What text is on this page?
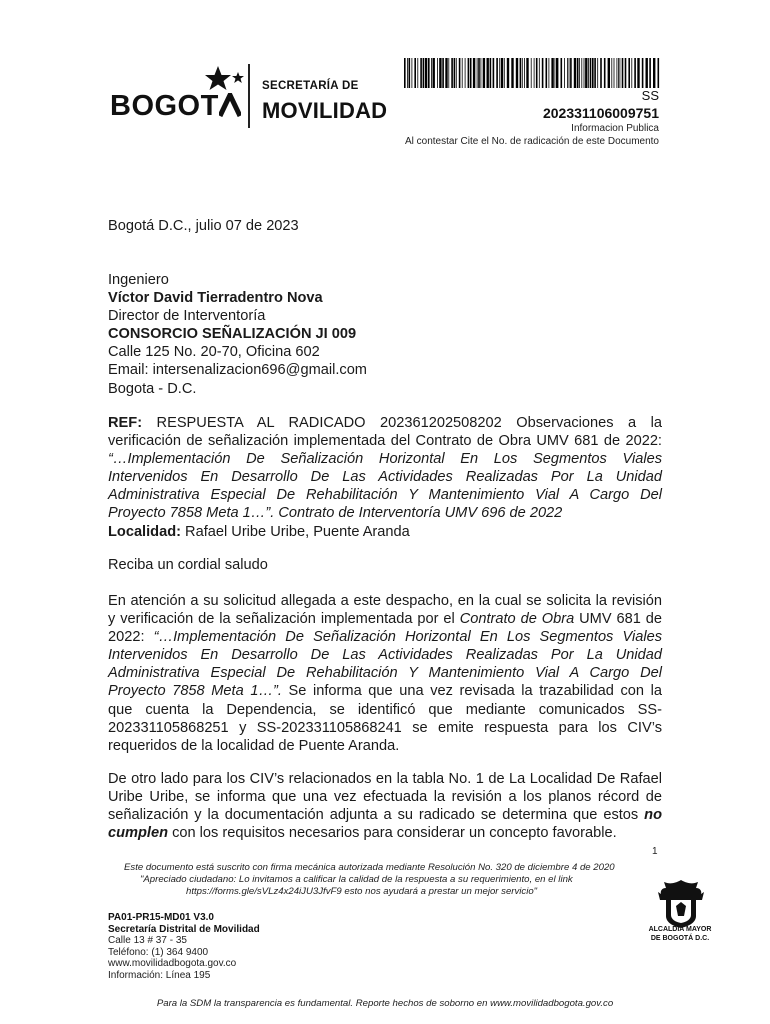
BOGOT
SECRETARÍA DE
MOVILIDAD
SS
202331106009751
Informacion Publica
Al contestar Cite el No. de radicación de este Documento
Bogotá D.C., julio 07 de 2023
Ingeniero
Víctor David Tierradentro Nova
Director de Interventoría
CONSORCIO SEÑALIZACIÓN JI 009
Calle 125 No. 20-70, Oficina 602
Email: intersenalizacion696@gmail.com
Bogota - D.C.
REF: RESPUESTA AL RADICADO 202361202508202 Observaciones a la
verificación de señalización implementada del Contrato de Obra UMV 681 de 2022:
“…Implementación De Señalización Horizontal En Los Segmentos Viales
Intervenidos En Desarrollo De Las Actividades Realizadas Por La Unidad
Administrativa Especial De Rehabilitación Y Mantenimiento Vial A Cargo Del
Proyecto 7858 Meta 1…”. Contrato de Interventoría UMV 696 de 2022
Localidad: Rafael Uribe Uribe, Puente Aranda
Reciba un cordial saludo
En atención a su solicitud allegada a este despacho, en la cual se solicita la revisión
y verificación de la señalización implementada por el Contrato de Obra UMV 681 de
2022: “…Implementación De Señalización Horizontal En Los Segmentos Viales
Intervenidos En Desarrollo De Las Actividades Realizadas Por La Unidad
Administrativa Especial De Rehabilitación Y Mantenimiento Vial A Cargo Del
Proyecto 7858 Meta 1…”. Se informa que una vez revisada la trazabilidad con la
que cuenta la Dependencia, se identificó que mediante comunicados SS-
202331105868251 y SS-202331105868241 se emite respuesta para los CIV’s
requeridos de la localidad de Puente Aranda.
De otro lado para los CIV’s relacionados en la tabla No. 1 de La Localidad De Rafael
Uribe Uribe, se informa que una vez efectuada la revisión a los planos récord de
señalización y la documentación adjunta a su radicado se determina que estos no
cumplen con los requisitos necesarios para considerar un concepto favorable.
1
Este documento está suscrito con firma mecánica autorizada mediante Resolución No. 320 de diciembre 4 de 2020
"Apreciado ciudadano: Lo invitamos a calificar la calidad de la respuesta a su requerimiento, en el link
https://forms.gle/sVLz4x24iJU3JfvF9 esto nos ayudará a prestar un mejor servicio"
PA01-PR15-MD01 V3.0
Secretaría Distrital de Movilidad
Calle 13 # 37 - 35
Teléfono: (1) 364 9400
www.movilidadbogota.gov.co
Información: Línea 195
ALCALDÍA MAYOR
DE BOGOTÁ D.C.
Para la SDM la transparencia es fundamental. Reporte hechos de soborno en www.movilidadbogota.gov.co
